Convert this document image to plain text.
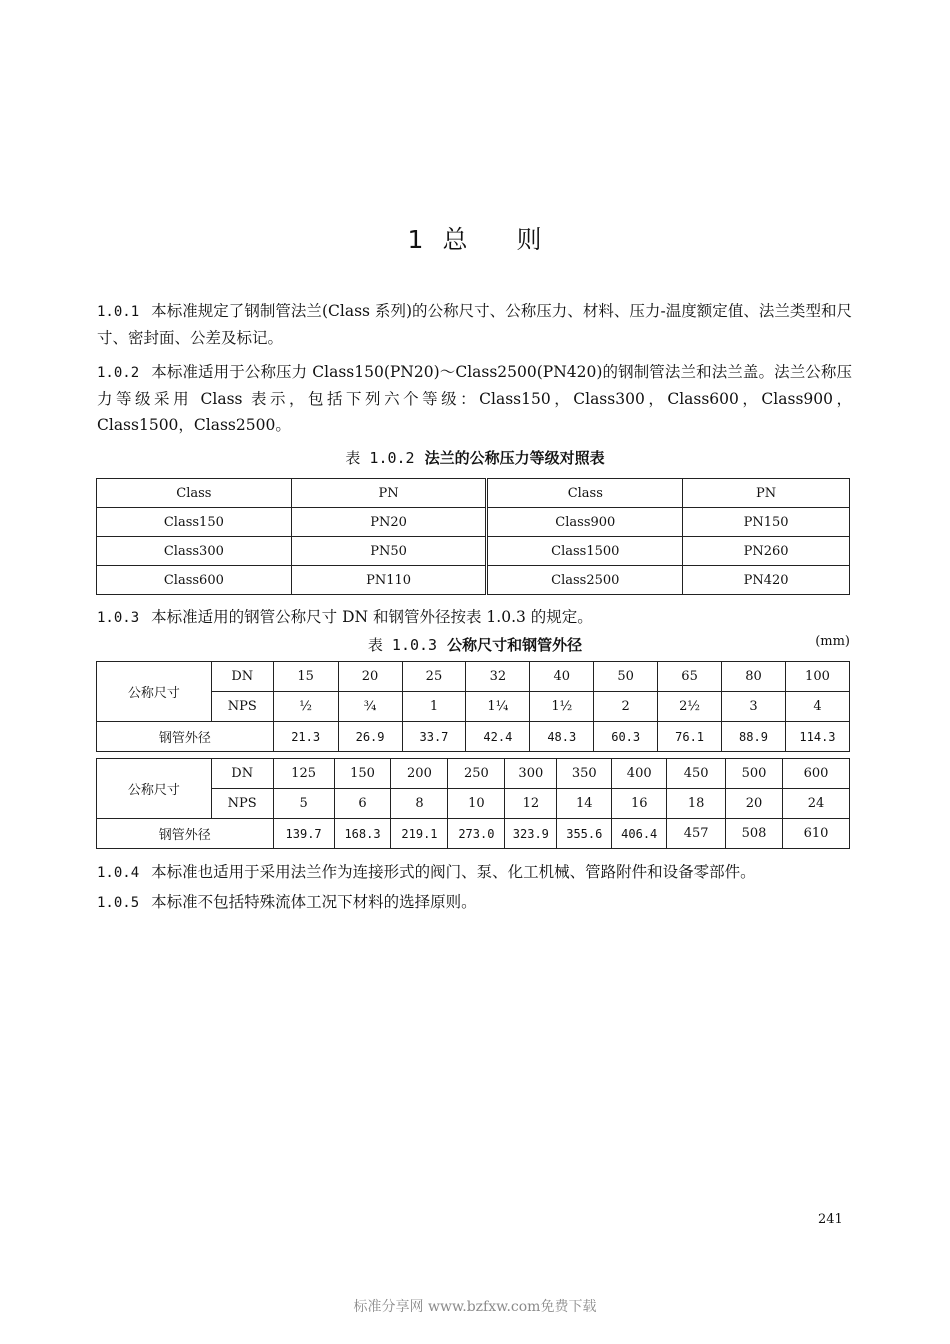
1 总 则
1.0.1 本标准规定了钢制管法兰(Class 系列)的公称尺寸、公称压力、材料、压力-温度额定值、法兰类型和尺寸、密封面、公差及标记。
1.0.2 本标准适用于公称压力 Class150(PN20)～Class2500(PN420)的钢制管法兰和法兰盖。法兰公称压力等级采用 Class 表示，包括下列六个等级：Class150，Class300，Class600，Class900，Class1500，Class2500。
表 1.0.2 法兰的公称压力等级对照表
Class	PN	Class	PN
Class150	PN20	Class900	PN150
Class300	PN50	Class1500	PN260
Class600	PN110	Class2500	PN420
1.0.3 本标准适用的钢管公称尺寸 DN 和钢管外径按表 1.0.3 的规定。
表 1.0.3 公称尺寸和钢管外径	(mm)
公称尺寸	DN	15	20	25	32	40	50	65	80	100
	NPS	½	¾	1	1¼	1½	2	2½	3	4
钢管外径		21.3	26.9	33.7	42.4	48.3	60.3	76.1	88.9	114.3
公称尺寸	DN	125	150	200	250	300	350	400	450	500	600
	NPS	5	6	8	10	12	14	16	18	20	24
钢管外径		139.7	168.3	219.1	273.0	323.9	355.6	406.4	457	508	610
1.0.4 本标准也适用于采用法兰作为连接形式的阀门、泵、化工机械、管路附件和设备零部件。
1.0.5 本标准不包括特殊流体工况下材料的选择原则。
241
标准分享网 www.bzfxw.com免费下载
